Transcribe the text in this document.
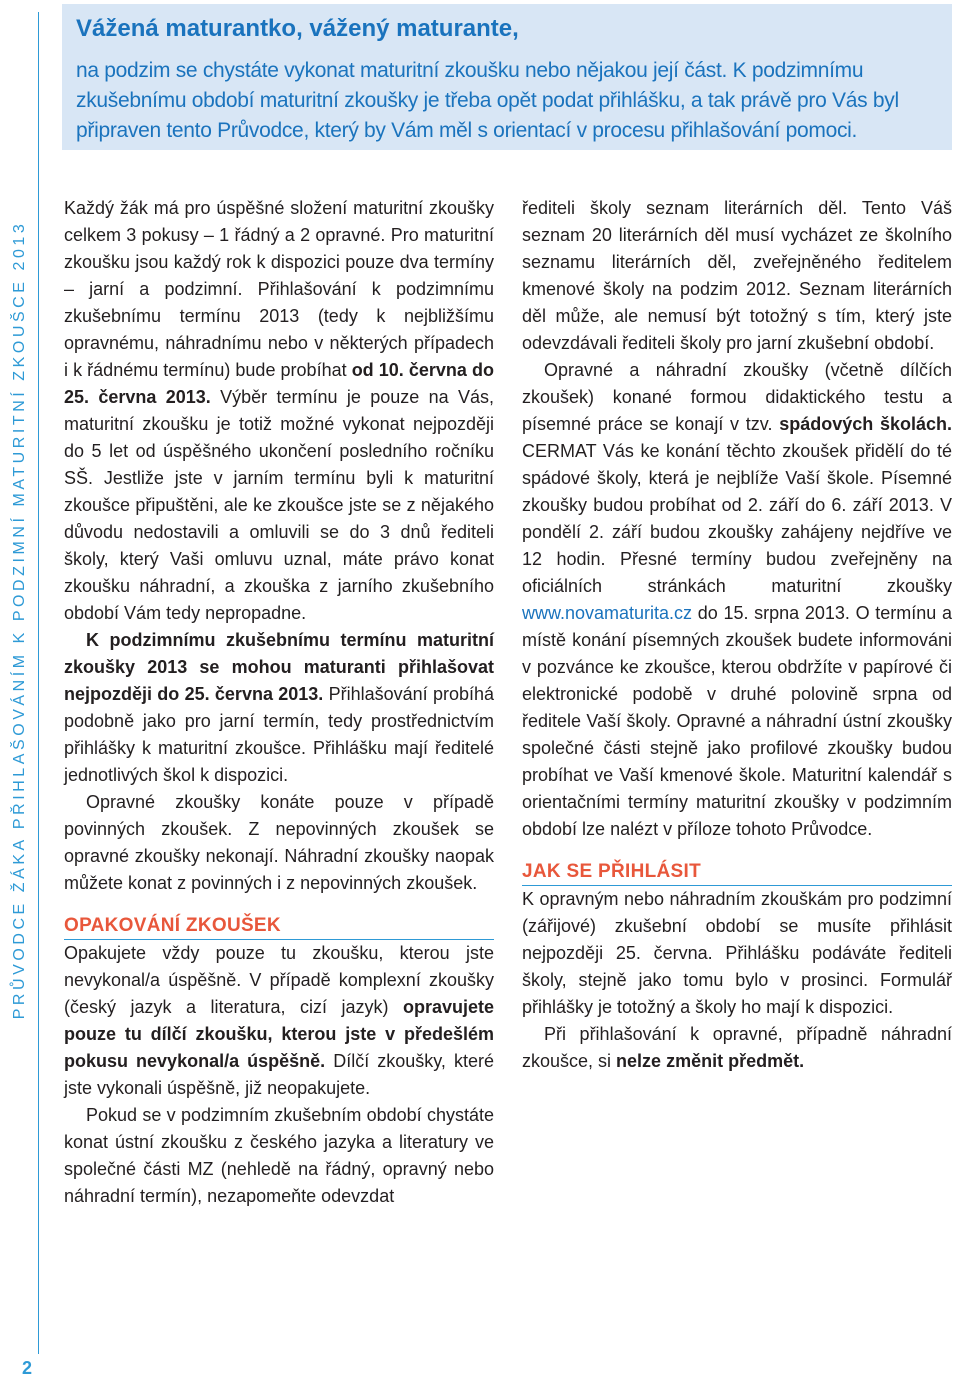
PRŮVODCE ŽÁKA PŘIHLAŠOVÁNÍM K PODZIMNÍ MATURITNÍ ZKOUŠCE 2013
2

Vážená maturantko, vážený maturante,

na podzim se chystáte vykonat maturitní zkoušku nebo nějakou její část. K podzimnímu zkušebnímu období maturitní zkoušky je třeba opět podat přihlášku, a tak právě pro Vás byl připraven tento Průvodce, který by Vám měl s orientací v procesu přihlašování pomoci.

Každý žák má pro úspěšné složení maturitní zkoušky celkem 3 pokusy – 1 řádný a 2 opravné. Pro maturitní zkoušku jsou každý rok k dispozici pouze dva termíny – jarní a podzimní. Přihlašování k podzimnímu zkušebnímu termínu 2013 (tedy k nejbližšímu opravnému, náhradnímu nebo v některých případech i k řádnému termínu) bude probíhat od 10. června do 25. června 2013. Výběr termínu je pouze na Vás, maturitní zkoušku je totiž možné vykonat nejpozději do 5 let od úspěšného ukončení posledního ročníku SŠ. Jestliže jste v jarním termínu byli k maturitní zkoušce připuštěni, ale ke zkoušce jste se z nějakého důvodu nedostavili a omluvili se do 3 dnů řediteli školy, který Vaši omluvu uznal, máte právo konat zkoušku náhradní, a zkouška z jarního zkušebního období Vám tedy nepropadne.

K podzimnímu zkušebnímu termínu maturitní zkoušky 2013 se mohou maturanti přihlašovat nejpozději do 25. června 2013. Přihlašování probíhá podobně jako pro jarní termín, tedy prostřednictvím přihlášky k maturitní zkoušce. Přihlášku mají ředitelé jednotlivých škol k dispozici.

Opravné zkoušky konáte pouze v případě povinných zkoušek. Z nepovinných zkoušek se opravné zkoušky nekonají. Náhradní zkoušky naopak můžete konat z povinných i z nepovinných zkoušek.

OPAKOVÁNÍ ZKOUŠEK

Opakujete vždy pouze tu zkoušku, kterou jste nevykonal/a úspěšně. V případě komplexní zkoušky (český jazyk a literatura, cizí jazyk) opravujete pouze tu dílčí zkoušku, kterou jste v předešlém pokusu nevykonal/a úspěšně. Dílčí zkoušky, které jste vykonali úspěšně, již neopakujete.

Pokud se v podzimním zkušebním období chystáte konat ústní zkoušku z českého jazyka a literatury ve společné části MZ (nehledě na řádný, opravný nebo náhradní termín), nezapomeňte odevzdat

řediteli školy seznam literárních děl. Tento Váš seznam 20 literárních děl musí vycházet ze školního seznamu literárních děl, zveřejněného ředitelem kmenové školy na podzim 2012. Seznam literárních děl může, ale nemusí být totožný s tím, který jste odevzdávali řediteli školy pro jarní zkušební období.

Opravné a náhradní zkoušky (včetně dílčích zkoušek) konané formou didaktického testu a písemné práce se konají v tzv. spádových školách. CERMAT Vás ke konání těchto zkoušek přidělí do té spádové školy, která je nejblíže Vaší škole. Písemné zkoušky budou probíhat od 2. září do 6. září 2013. V pondělí 2. září budou zkoušky zahájeny nejdříve ve 12 hodin. Přesné termíny budou zveřejněny na oficiálních stránkách maturitní zkoušky www.novamaturita.cz do 15. srpna 2013. O termínu a místě konání písemných zkoušek budete informováni v pozvánce ke zkoušce, kterou obdržíte v papírové či elektronické podobě v druhé polovině srpna od ředitele Vaší školy. Opravné a náhradní ústní zkoušky společné části stejně jako profilové zkoušky budou probíhat ve Vaší kmenové škole. Maturitní kalendář s orientačními termíny maturitní zkoušky v podzimním období lze nalézt v příloze tohoto Průvodce.

JAK SE PŘIHLÁSIT

K opravným nebo náhradním zkouškám pro podzimní (zářijové) zkušební období se musíte přihlásit nejpozději 25. června. Přihlášku podáváte řediteli školy, stejně jako tomu bylo v prosinci. Formulář přihlášky je totožný a školy ho mají k dispozici.

Při přihlašování k opravné, případně náhradní zkoušce, si nelze změnit předmět.
